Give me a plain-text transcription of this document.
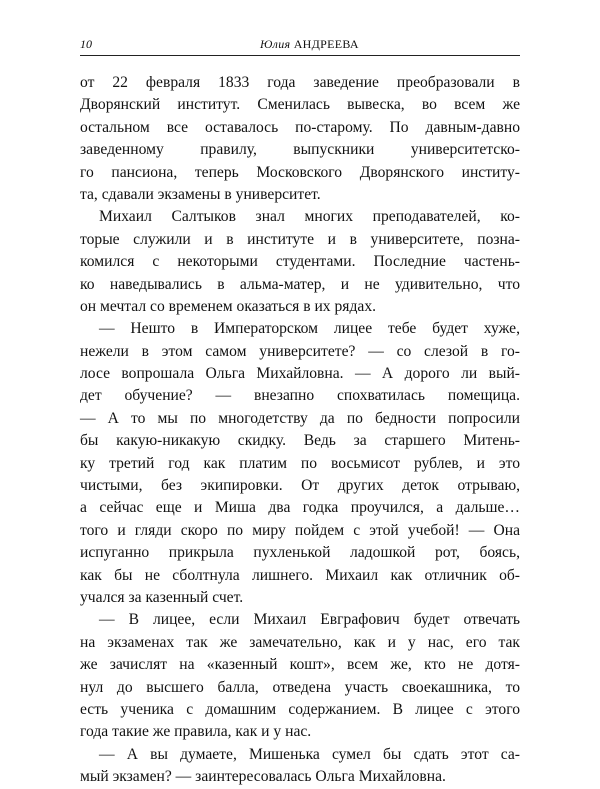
10	Юлия АНДРЕЕВА
от 22 февраля 1833 года заведение преобразовали в
Дворянский институт. Сменилась вывеска, во всем же
остальном все оставалось по-старому. По давным-давно
заведенному правилу, выпускники университетско-
го пансиона, теперь Московского Дворянского институ-
та, сдавали экзамены в университет.
Михаил Салтыков знал многих преподавателей, ко-
торые служили и в институте и в университете, позна-
комился с некоторыми студентами. Последние частень-
ко наведывались в альма-матер, и не удивительно, что
он мечтал со временем оказаться в их рядах.
— Нешто в Императорском лицее тебе будет хуже,
нежели в этом самом университете? — со слезой в го-
лосе вопрошала Ольга Михайловна. — А дорого ли вый-
дет обучение? — внезапно спохватилась помещица.
— А то мы по многодетству да по бедности попросили
бы какую-никакую скидку. Ведь за старшего Митень-
ку третий год как платим по восьмисот рублев, и это
чистыми, без экипировки. От других деток отрываю,
а сейчас еще и Миша два годка проучился, а дальше…
того и гляди скоро по миру пойдем с этой учебой! — Она
испуганно прикрыла пухленькой ладошкой рот, боясь,
как бы не сболтнула лишнего. Михаил как отличник об-
учался за казенный счет.
— В лицее, если Михаил Евграфович будет отвечать
на экзаменах так же замечательно, как и у нас, его так
же зачислят на «казенный кошт», всем же, кто не дотя-
нул до высшего балла, отведена участь своекашника, то
есть ученика с домашним содержанием. В лицее с этого
года такие же правила, как и у нас.
— А вы думаете, Мишенька сумел бы сдать этот са-
мый экзамен? — заинтересовалась Ольга Михайловна.
